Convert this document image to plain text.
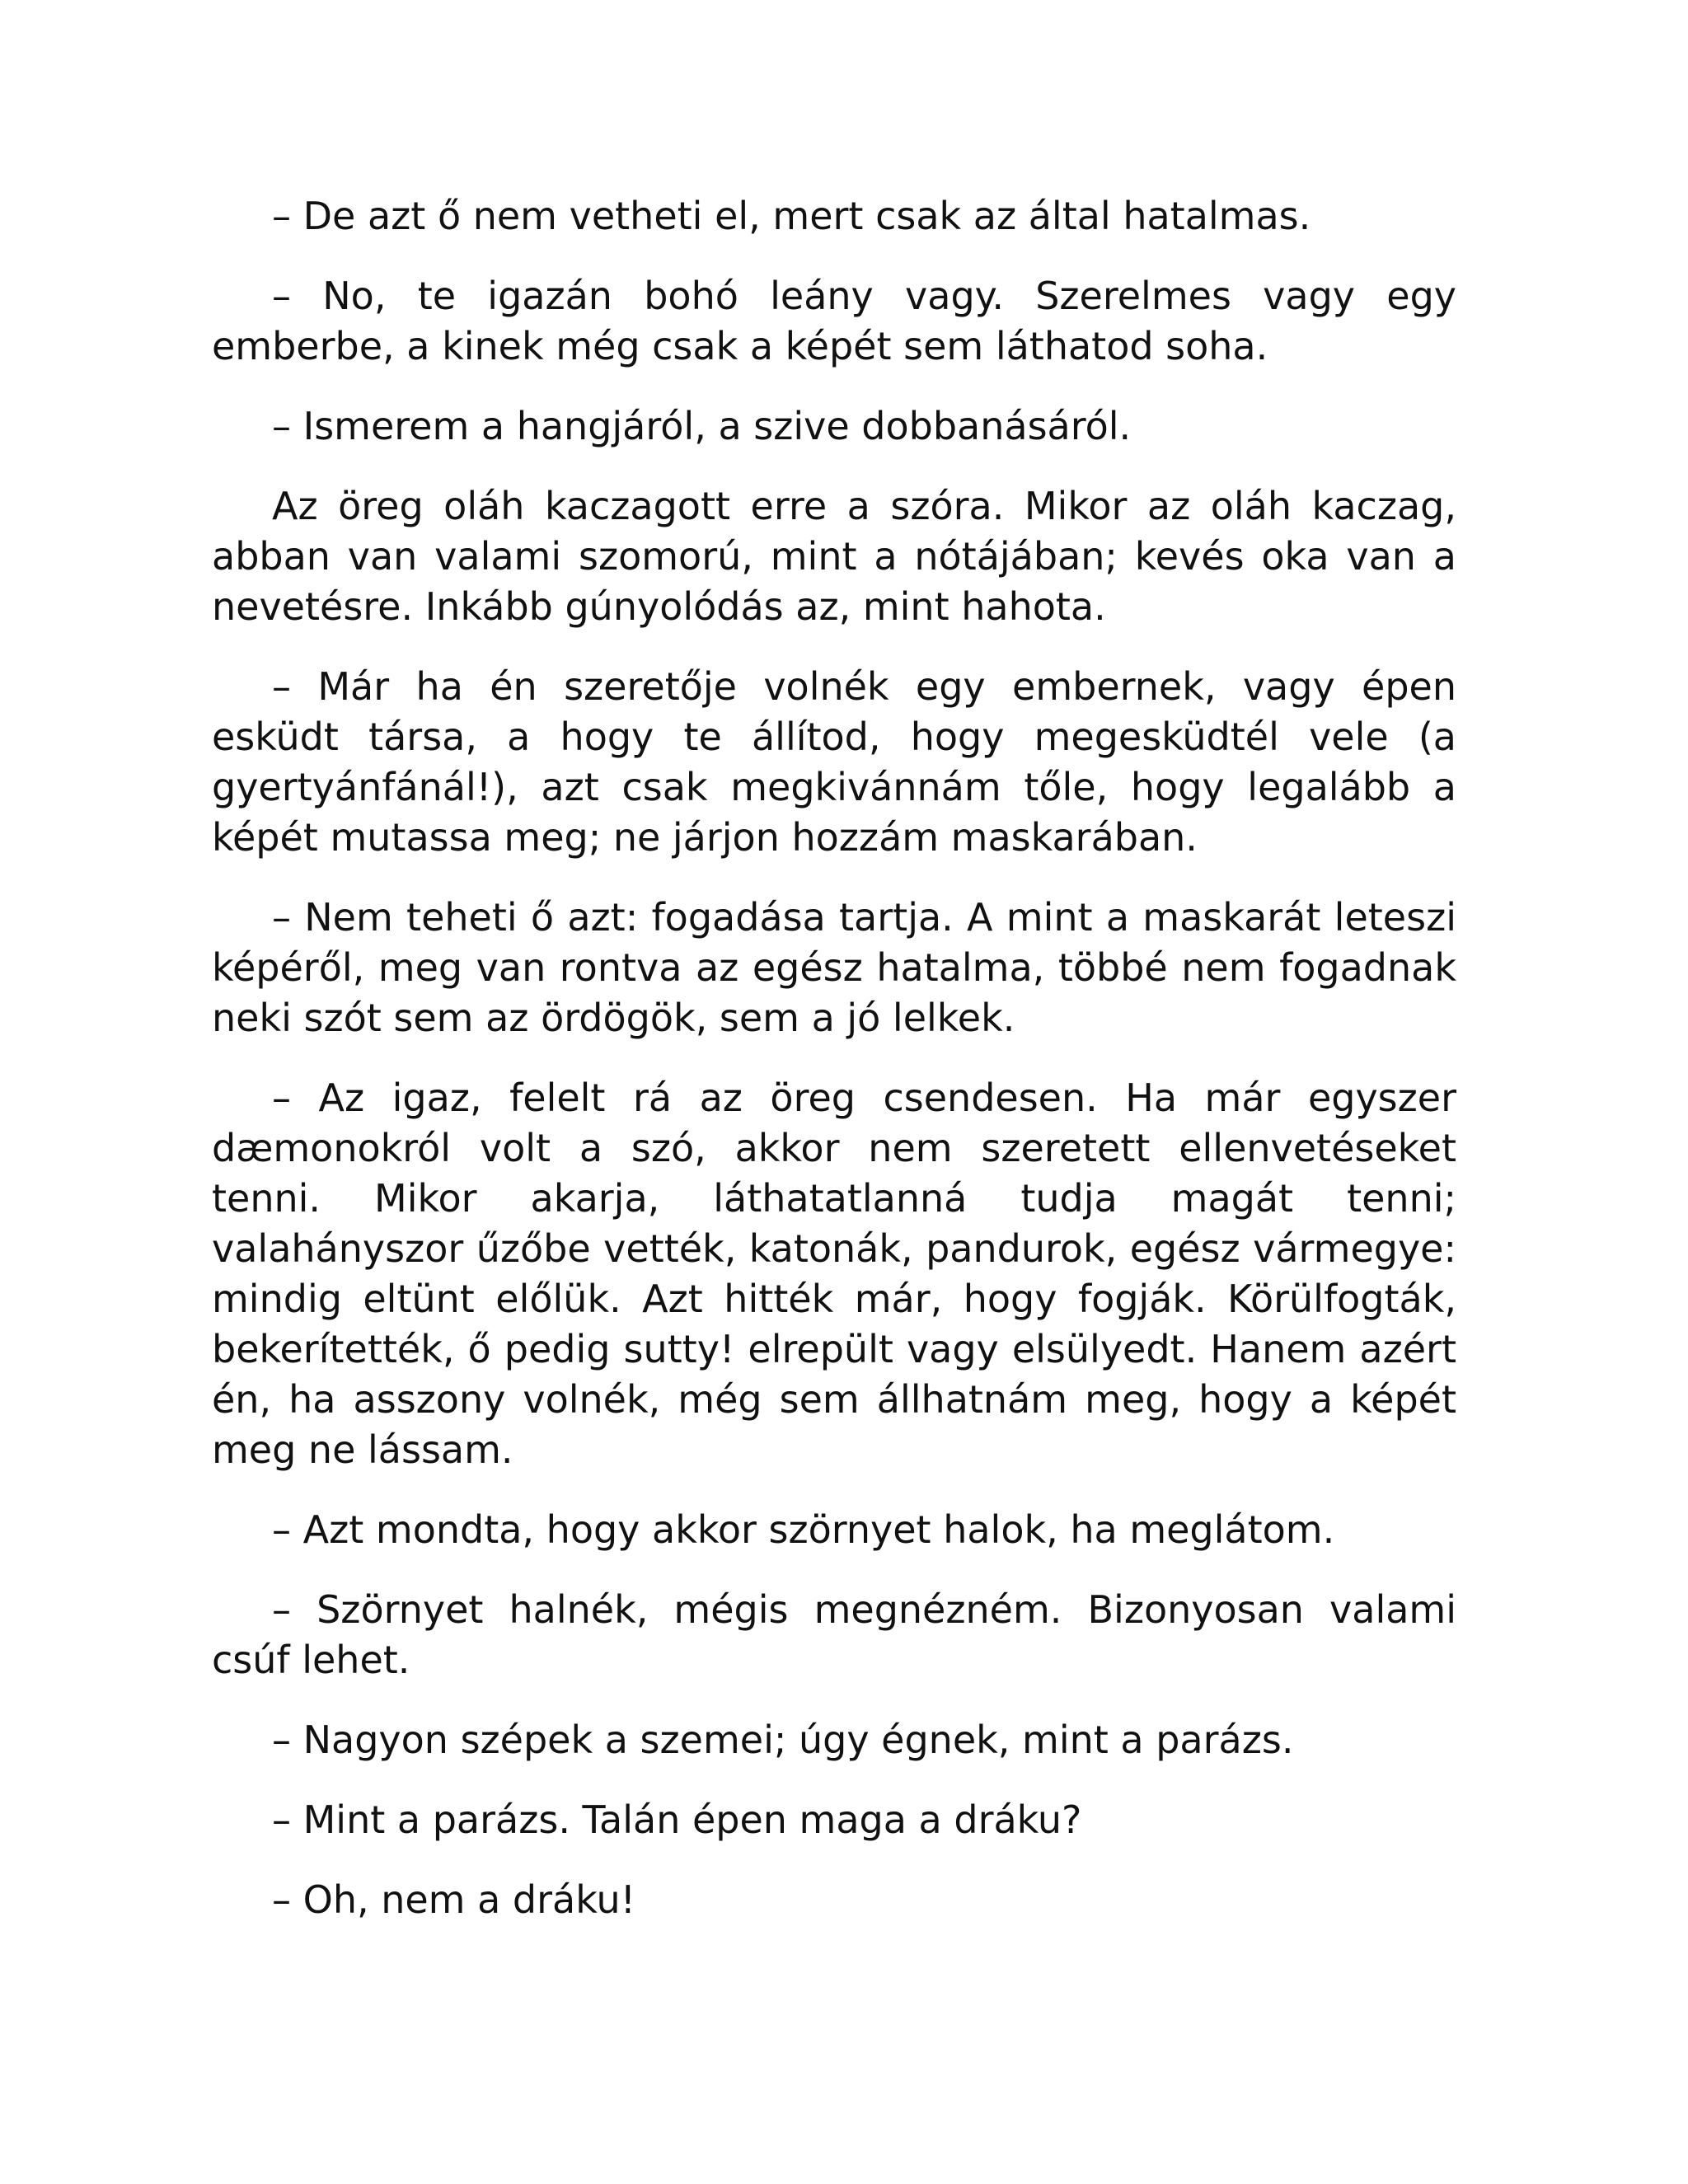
– De azt ő nem vetheti el, mert csak az által hatalmas.

– No, te igazán bohó leány vagy. Szerelmes vagy egy emberbe, a kinek még csak a képét sem láthatod soha.

– Ismerem a hangjáról, a szive dobbanásáról.

Az öreg oláh kaczagott erre a szóra. Mikor az oláh kaczag, abban van valami szomorú, mint a nótájában; kevés oka van a nevetésre. Inkább gúnyolódás az, mint hahota.

– Már ha én szeretője volnék egy embernek, vagy épen esküdt társa, a hogy te állítod, hogy megesküdtél vele (a gyertyánfánál!), azt csak megkivánnám tőle, hogy legalább a képét mutassa meg; ne járjon hozzám maskarában.

– Nem teheti ő azt: fogadása tartja. A mint a maskarát leteszi képéről, meg van rontva az egész hatalma, többé nem fogadnak neki szót sem az ördögök, sem a jó lelkek.

– Az igaz, felelt rá az öreg csendesen. Ha már egyszer dæmonokról volt a szó, akkor nem szeretett ellenvetéseket tenni. Mikor akarja, láthatatlanná tudja magát tenni; valahányszor űzőbe vették, katonák, pandurok, egész vármegye: mindig eltünt előlük. Azt hitték már, hogy fogják. Körülfogták, bekerítették, ő pedig sutty! elrepült vagy elsülyedt. Hanem azért én, ha asszony volnék, még sem állhatnám meg, hogy a képét meg ne lássam.

– Azt mondta, hogy akkor szörnyet halok, ha meglátom.

– Szörnyet halnék, mégis megnézném. Bizonyosan valami csúf lehet.

– Nagyon szépek a szemei; úgy égnek, mint a parázs.

– Mint a parázs. Talán épen maga a dráku?

– Oh, nem a dráku!
